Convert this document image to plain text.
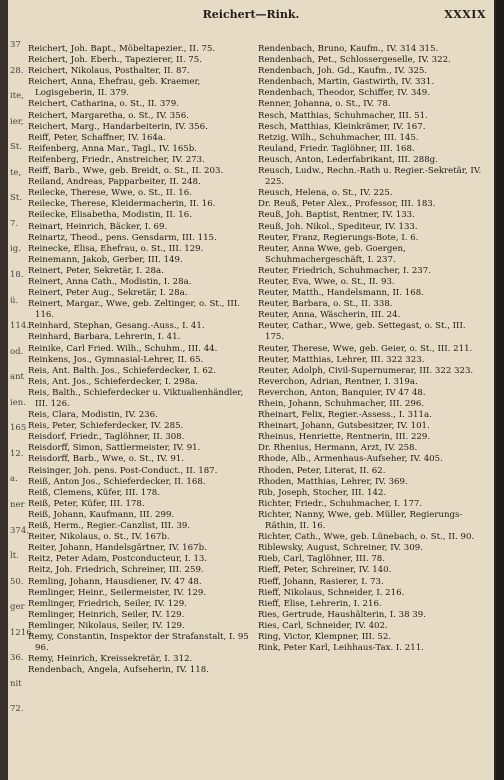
Reichert—Rink.	XXXIX
37
28.
ite,
ier,
St.
te,
St.
7.
ig.
18.
ü.
114.
od.
ant
ien.
165
12.
a.
ner
374.
lt.
50.
ger
1216.
36.
nit
72.
Reichert, Joh. Bapt., Möbeltapezier., II. 75.
Reichert, Joh. Eberh., Tapezierer, II. 75.
Reichert, Nikolaus, Posthalter, II. 87.
Reichert, Anna, Ehefrau, geb. Kraemer, Logisgeberin, II. 379.
Reichert, Catharina, o. St., II. 379.
Reichert, Margaretha, o. St., IV. 356.
Reichert, Marg., Handarbeiterin, IV. 356.
Reiff, Peter, Schaffner, IV. 164a.
Reifenberg, Anna Mar., Tagl., IV. 165b.
Reifenberg, Friedr., Anstreicher, IV. 273.
Reiff, Barb., Wwe, geb. Breidt, o. St., II. 203.
Reiland, Andreas, Papparbeiter, II. 248.
Reilecke, Therese, Wwe, o. St., II. 16.
Reilecke, Therese, Kleidermacherin, II. 16.
Reilecke, Elisabetha, Modistin, II. 16.
Reinart, Heinrich, Bäcker, I. 69.
Reinartz, Theod., pens. Gensdarm, III. 115.
Reinecke, Elisa, Ehefrau, o. St., III. 129.
Reinemann, Jakob, Gerber, III. 149.
Reinert, Peter, Sekretär, I. 28a.
Reinert, Anna Cath., Modistin, I. 28a.
Reinert, Peter Aug., Sekretär, I. 28a.
Reinert, Margar., Wwe, geb. Zeltinger, o. St., III. 116.
Reinhard, Stephan, Gesang.-Auss., I. 41.
Reinhard, Barbara, Lehrerin, I. 41.
Reinike, Carl Fried. Wilh., Schuhm., III. 44.
Reinkens, Jos., Gymnasial-Lehrer, II. 65.
Reis, Ant. Balth. Jos., Schieferdecker, I. 62.
Reis, Ant. Jos., Schieferdecker, I. 298a.
Reis, Balth., Schieferdecker u. Viktualienhändler, III. 126.
Reis, Clara, Modistin, IV. 236.
Reis, Peter, Schieferdecker, IV. 285.
Reisdorf, Friedr., Taglöhner, II. 308.
Reisdorff, Simon, Sattlermeister, IV. 91.
Reisdorff, Barb., Wwe, o. St., IV. 91.
Reisinger, Joh. pens. Post-Conduct., II. 187.
Reiß, Anton Jos., Schieferdecker, II. 168.
Reiß, Clemens, Küfer, III. 178.
Reiß, Peter, Küfer, III. 178.
Reiß, Johann, Kaufmann, III. 299.
Reiß, Herm., Regier.-Canzlist, III. 39.
Reiter, Nikolaus, o. St., IV. 167b.
Reiter, Johann, Handelsgärtner, IV. 167b.
Reitz, Peter Adam, Postconducteur, I. 13.
Reitz, Joh. Friedrich, Schreiner, III. 259.
Remling, Johann, Hausdiener, IV. 47 48.
Remlinger, Heinr., Seilermeister, IV. 129.
Remlinger, Friedrich, Seiler, IV. 129.
Remlinger, Heinrich, Seiler, IV. 129.
Remlinger, Nikolaus, Seiler, IV. 129.
Remy, Constantin, Inspektor der Strafanstalt, I. 95 96.
Remy, Heinrich, Kreissekretär, I. 312.
Rendenbach, Angela, Aufseherin, IV. 118.
Rendenbach, Bruno, Kaufm., IV. 314 315.
Rendenbach, Pet., Schlossergeselle, IV. 322.
Rendenbach, Joh. Gd., Kaufm., IV. 325.
Rendenbach, Martin, Gastwirth, IV. 331.
Rendenbach, Theodor, Schiffer, IV. 349.
Renner, Johanna, o. St., IV. 78.
Resch, Matthias, Schuhmacher, III. 51.
Resch, Matthias, Kleinkrämer, IV. 167.
Retzig, Wilh., Schuhmacher, III. 145.
Reuland, Friedr. Taglöhner, III. 168.
Reusch, Anton, Lederfabrikant, III. 288g.
Reusch, Ludw., Rechn.-Rath u. Regier.-Sekretär, IV. 225.
Reusch, Helena, o. St., IV. 225.
Dr. Reuß, Peter Alex., Professor, III. 183.
Reuß, Joh. Baptist, Rentner, IV. 133.
Reuß, Joh. Nikol., Spediteur, IV. 133.
Reuter, Franz, Regierungs-Bote, I. 6.
Reuter, Anna Wwe, geb. Goergen, Schuhmachergeschäft, I. 237.
Reuter, Friedrich, Schuhmacher, I. 237.
Reuter, Eva, Wwe, o. St., II. 93.
Reuter, Matth., Handelsmann, II. 168.
Reuter, Barbara, o. St., II. 338.
Reuter, Anna, Wäscherin, III. 24.
Reuter, Cathar., Wwe, geb. Settegast, o. St., III. 175.
Reuter, Therese, Wwe, geb. Geier, o. St., III. 211.
Reuter, Matthias, Lehrer, III. 322 323.
Reuter, Adolph, Civil-Supernumerar, III. 322 323.
Reverchon, Adrian, Rentner, I. 319a.
Reverchon, Anton, Banquier, IV 47 48.
Rhein, Johann, Schuhmacher, III. 296.
Rheinart, Felix, Regier.-Assess., I. 311a.
Rheinart, Johann, Gutsbesitzer, IV. 101.
Rheinus, Henriette, Rentnerin, III. 229.
Dr. Rhenius, Hermann, Arzt, IV. 258.
Rhode, Alb., Armenhaus-Aufseher, IV. 405.
Rhoden, Peter, Literat, II. 62.
Rhoden, Matthias, Lehrer, IV. 369.
Rib, Joseph, Stocher, III. 142.
Richter, Friedr., Schuhmacher, I. 177.
Richter, Nanny, Wwe, geb. Müller, Regierungs-Räthin, II. 16.
Richter, Cath., Wwe, geb. Lünebach, o. St., II. 90.
Riblewsky, August, Schreiner, IV. 309.
Rieb, Carl, Taglöhner, III. 78.
Rieff, Peter, Schreiner, IV. 140.
Rieff, Johann, Rasierer, I. 73.
Rieff, Nikolaus, Schneider, I. 216.
Rieff, Elise, Lehrerin, I. 216.
Ries, Gertrude, Haushälterin, I. 38 39.
Ries, Carl, Schneider, IV. 402.
Ring, Victor, Klempner, III. 52.
Rink, Peter Karl, Leihhaus-Tax. I. 211.
